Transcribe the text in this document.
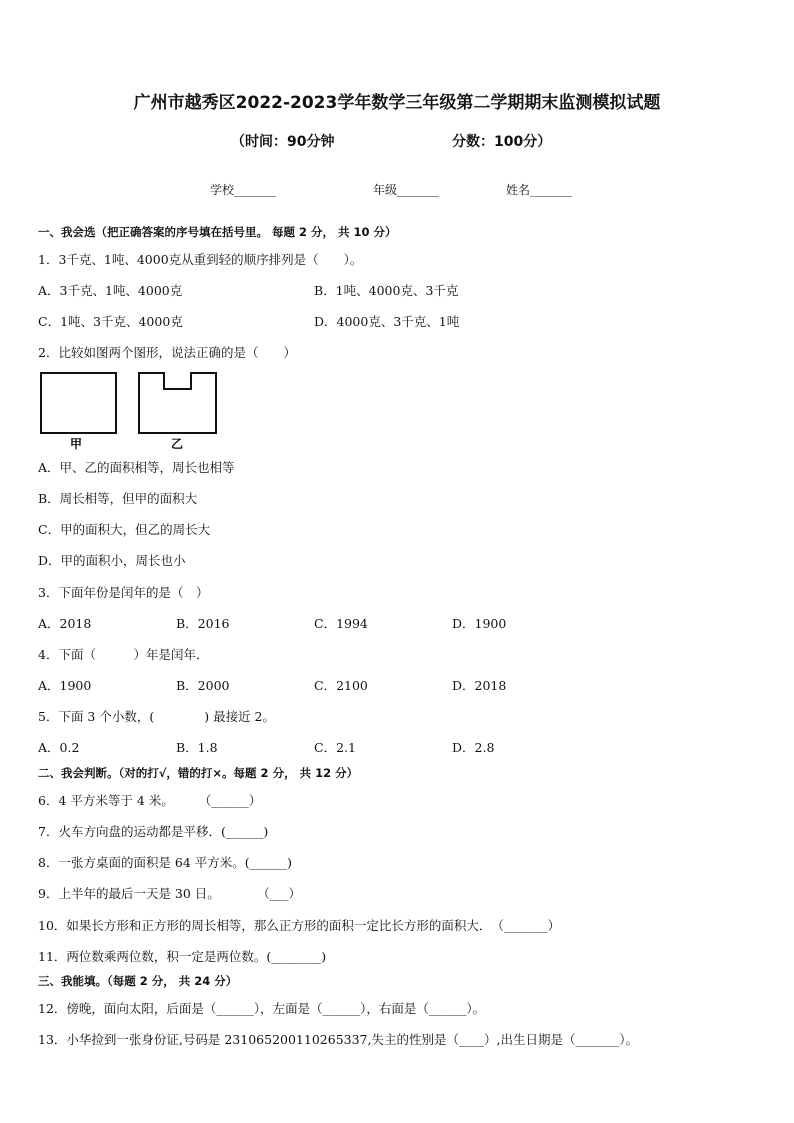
广州市越秀区2022-2023学年数学三年级第二学期期末监测模拟试题
（时间：90分钟	分数：100分）
学校_______	年级_______	姓名_______
一、我会选（把正确答案的序号填在括号里。 每题 2 分， 共 10 分）
1．3千克、1吨、4000克从重到轻的顺序排列是（　　）。
A．3千克、1吨、4000克	B．1吨、4000克、3千克
C．1吨、3千克、4000克	D．4000克、3千克、1吨
2．比较如图两个图形，说法正确的是（　　）
甲	乙
A．甲、乙的面积相等，周长也相等
B．周长相等，但甲的面积大
C．甲的面积大，但乙的周长大
D．甲的面积小，周长也小
3．下面年份是闰年的是（　）
A．2018	B．2016	C．1994	D．1900
4．下面（　　　）年是闰年．
A．1900	B．2000	C．2100	D．2018
5．下面 3 个小数，(　　　　) 最接近 2。
A．0.2	B．1.8	C．2.1	D．2.8
二、我会判断。（对的打√，错的打×。每题 2 分， 共 12 分）
6．4 平方米等于 4 米。　　　（______）
7．火车方向盘的运动都是平移．(______)
8．一张方桌面的面积是 64 平方米。(______)
9．上半年的最后一天是 30 日。　　　　（___）
10．如果长方形和正方形的周长相等，那么正方形的面积一定比长方形的面积大．　（_______）
11．两位数乘两位数，积一定是两位数。(________)
三、我能填。（每题 2 分， 共 24 分）
12．傍晚，面向太阳，后面是（______），左面是（______），右面是（______）。
13．小华捡到一张身份证,号码是 231065200110265337,失主的性别是（____）,出生日期是（_______）。
